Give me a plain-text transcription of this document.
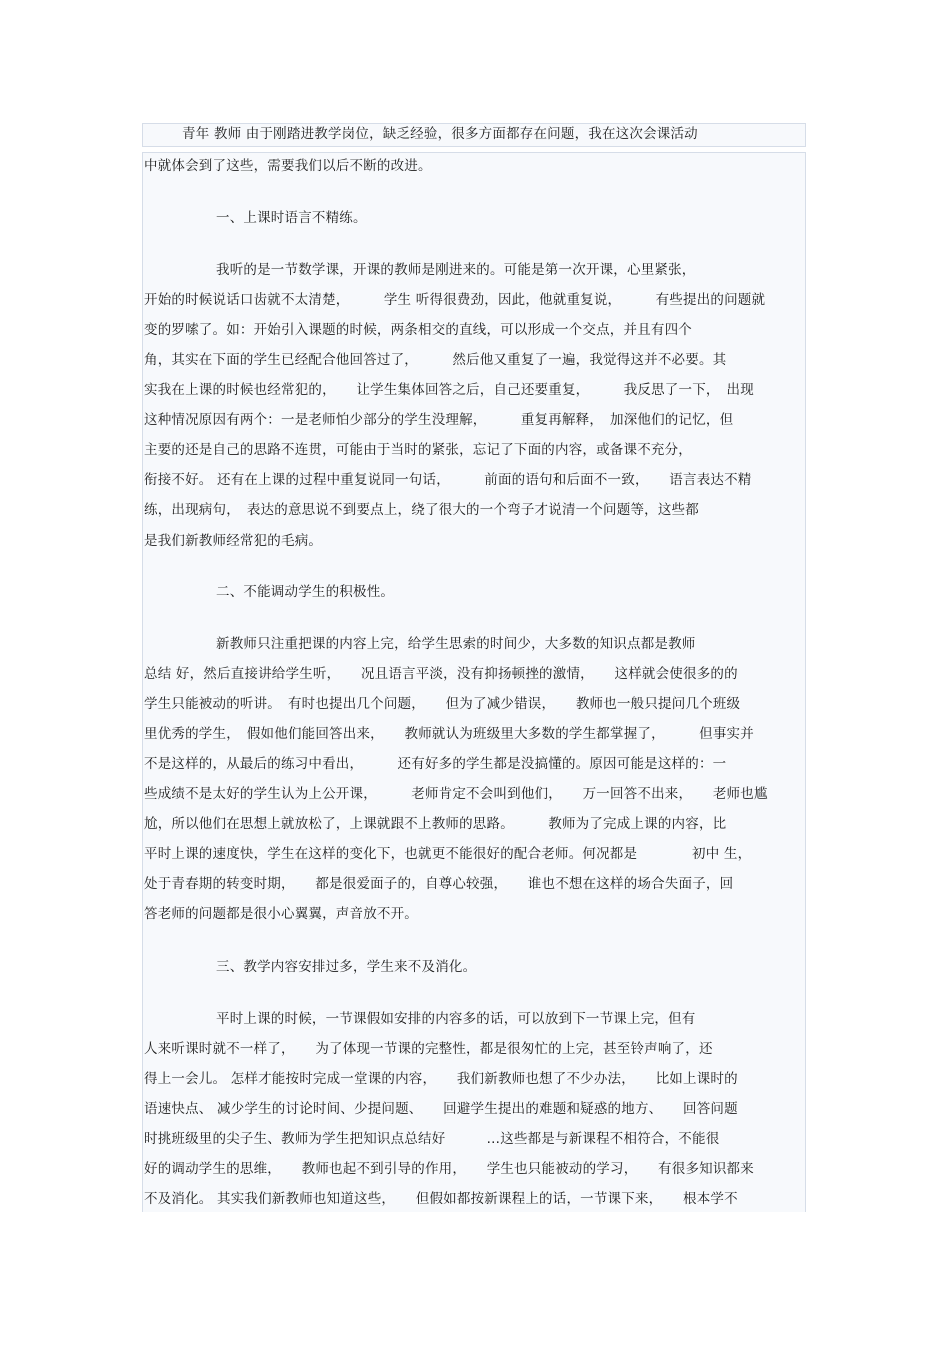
青年 教师 由于刚踏进教学岗位，缺乏经验，很多方面都存在问题，我在这次会课活动
中就体会到了这些，需要我们以后不断的改进。
一、上课时语言不精练。
我听的是一节数学课，开课的教师是刚进来的。可能是第一次开课，心里紧张，
开始的时候说话口齿就不太清楚，　　　学生 听得很费劲，因此，他就重复说，　　　有些提出的问题就
变的罗嗦了。如：开始引入课题的时候，两条相交的直线，可以形成一个交点，并且有四个
角，其实在下面的学生已经配合他回答过了，　　　然后他又重复了一遍，我觉得这并不必要。其
实我在上课的时候也经常犯的，　　让学生集体回答之后，自己还要重复，　　　我反思了一下，　出现
这种情况原因有两个：一是老师怕少部分的学生没理解，　　　重复再解释，　加深他们的记忆，但
主要的还是自己的思路不连贯，可能由于当时的紧张，忘记了下面的内容，或备课不充分，
衔接不好。 还有在上课的过程中重复说同一句话，　　　前面的语句和后面不一致，　　语言表达不精
练，出现病句，　表达的意思说不到要点上，绕了很大的一个弯子才说清一个问题等，这些都
是我们新教师经常犯的毛病。
二、不能调动学生的积极性。
新教师只注重把课的内容上完，给学生思索的时间少，大多数的知识点都是教师
总结 好，然后直接讲给学生听，　　况且语言平淡，没有抑扬顿挫的激情，　　这样就会使很多的的
学生只能被动的听讲。　有时也提出几个问题，　　但为了减少错误，　　教师也一般只提问几个班级
里优秀的学生，　假如他们能回答出来，　　教师就认为班级里大多数的学生都掌握了，　　　但事实并
不是这样的，从最后的练习中看出，　　　还有好多的学生都是没搞懂的。原因可能是这样的：一
些成绩不是太好的学生认为上公开课，　　　老师肯定不会叫到他们，　　万一回答不出来，　　老师也尴
尬，所以他们在思想上就放松了，上课就跟不上教师的思路。　　　教师为了完成上课的内容，比
平时上课的速度快，学生在这样的变化下，也就更不能很好的配合老师。何况都是　　　　初中 生，
处于青春期的转变时期，　　都是很爱面子的，自尊心较强，　　谁也不想在这样的场合失面子，回
答老师的问题都是很小心翼翼，声音放不开。
三、教学内容安排过多，学生来不及消化。
平时上课的时候，一节课假如安排的内容多的话，可以放到下一节课上完，但有
人来听课时就不一样了，　　为了体现一节课的完整性，都是很匆忙的上完，甚至铃声响了，还
得上一会儿。 怎样才能按时完成一堂课的内容，　　我们新教师也想了不少办法，　　比如上课时的
语速快点、 减少学生的讨论时间、少提问题、　　回避学生提出的难题和疑惑的地方、　　回答问题
时挑班级里的尖子生、教师为学生把知识点总结好　　　…这些都是与新课程不相符合，不能很
好的调动学生的思维，　　教师也起不到引导的作用，　　学生也只能被动的学习，　　有很多知识都来
不及消化。 其实我们新教师也知道这些，　　但假如都按新课程上的话，一节课下来，　　根本学不
